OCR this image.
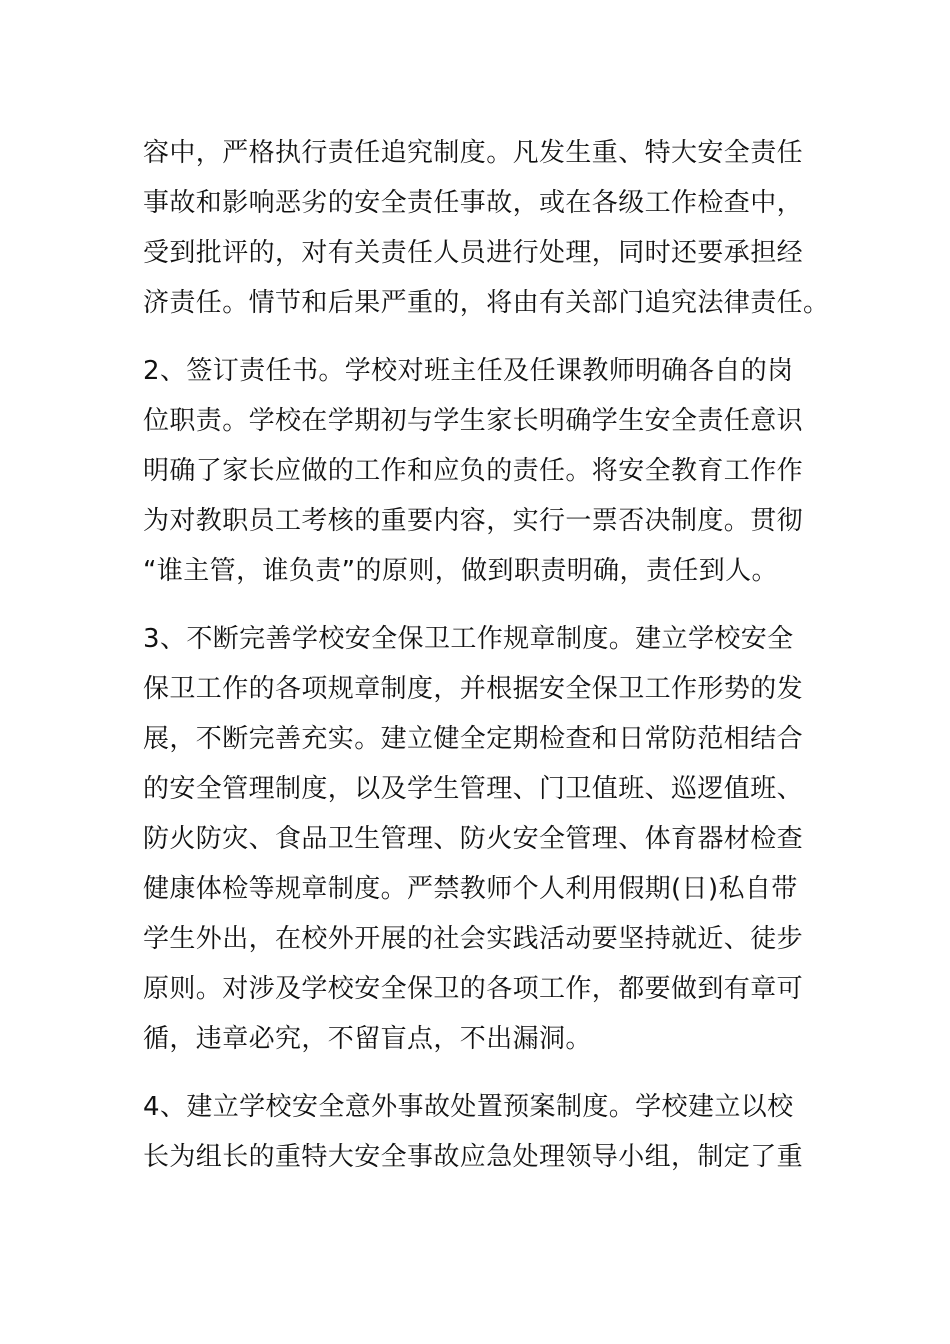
容中，严格执行责任追究制度。凡发生重、特大安全责任
事故和影响恶劣的安全责任事故，或在各级工作检查中，
受到批评的，对有关责任人员进行处理，同时还要承担经
济责任。情节和后果严重的，将由有关部门追究法律责任。
2、签订责任书。学校对班主任及任课教师明确各自的岗
位职责。学校在学期初与学生家长明确学生安全责任意识
明确了家长应做的工作和应负的责任。将安全教育工作作
为对教职员工考核的重要内容，实行一票否决制度。贯彻
“谁主管，谁负责”的原则，做到职责明确，责任到人。
3、不断完善学校安全保卫工作规章制度。建立学校安全
保卫工作的各项规章制度，并根据安全保卫工作形势的发
展，不断完善充实。建立健全定期检查和日常防范相结合
的安全管理制度，以及学生管理、门卫值班、巡逻值班、
防火防灾、食品卫生管理、防火安全管理、体育器材检查
健康体检等规章制度。严禁教师个人利用假期(日)私自带
学生外出，在校外开展的社会实践活动要坚持就近、徒步
原则。对涉及学校安全保卫的各项工作，都要做到有章可
循，违章必究，不留盲点，不出漏洞。
4、建立学校安全意外事故处置预案制度。学校建立以校
长为组长的重特大安全事故应急处理领导小组，制定了重
